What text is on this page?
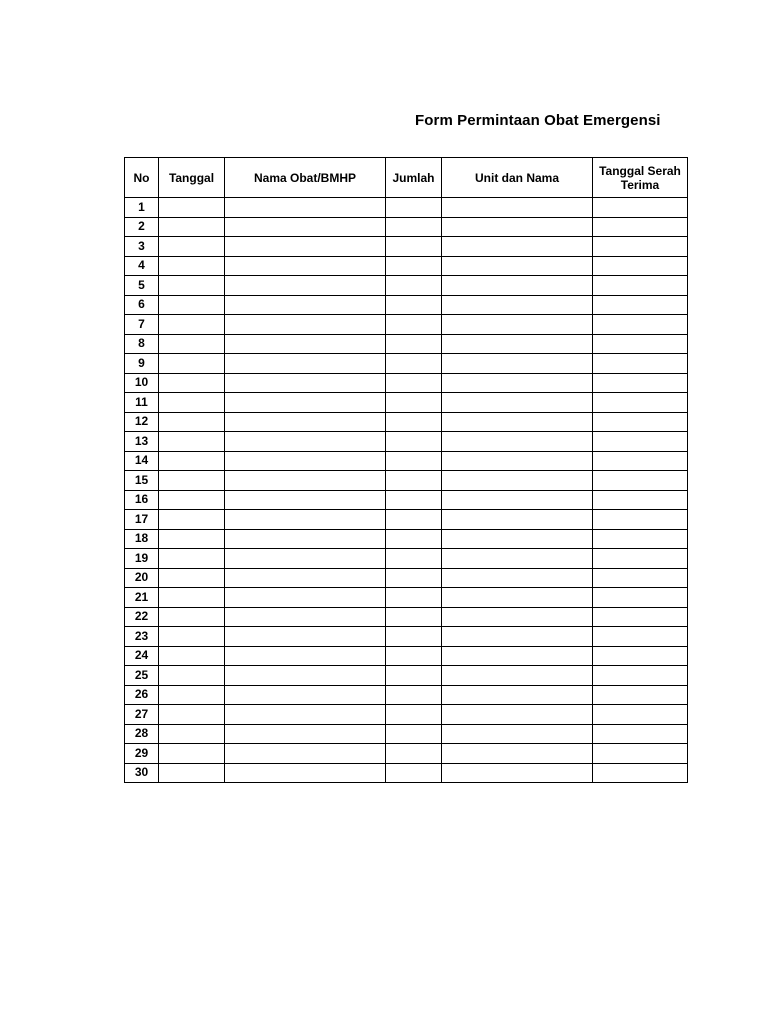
Form Permintaan Obat Emergensi
No	Tanggal	Nama Obat/BMHP	Jumlah	Unit dan Nama	Tanggal Serah Terima
1					
2					
3					
4					
5					
6					
7					
8					
9					
10					
11					
12					
13					
14					
15					
16					
17					
18					
19					
20					
21					
22					
23					
24					
25					
26					
27					
28					
29					
30					
